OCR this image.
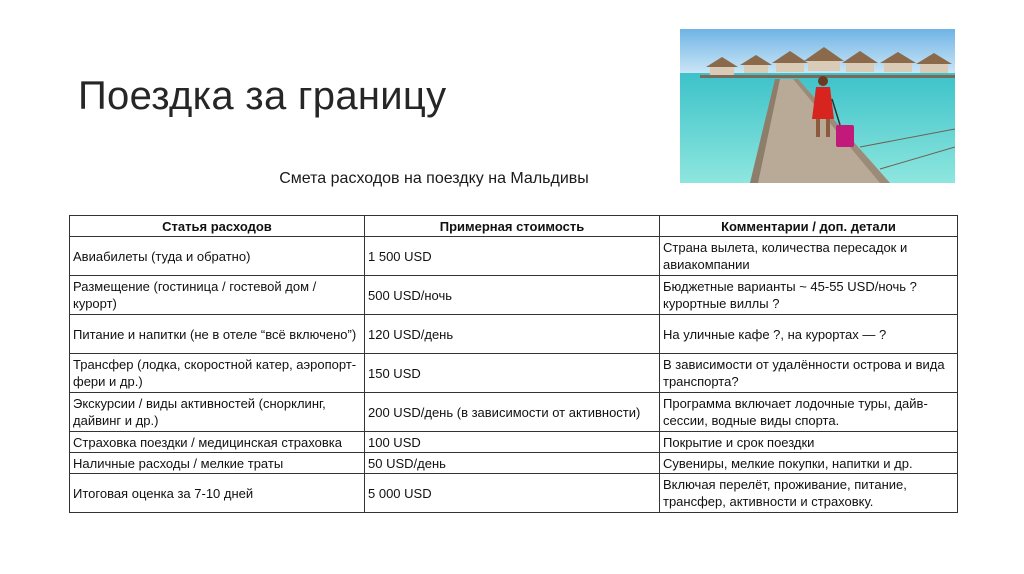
Поездка за границу
Смета расходов на поездку на Мальдивы
Статья расходов	Примерная стоимость	Комментарии / доп. детали
Авиабилеты (туда и обратно)	1 500 USD	Страна вылета, количества пересадок и авиакомпании
Размещение (гостиница / гостевой дом / курорт)	500 USD/ночь	Бюджетные варианты ~ 45-55 USD/ночь ? курортные виллы ?
Питание и напитки (не в отеле “всё включено”)	120 USD/день	На уличные кафе ?, на курортах — ?
Трансфер (лодка, скоростной катер, аэропорт-фери и др.)	150 USD	В зависимости от удалённости острова и вида транспорта?
Экскурсии / виды активностей (снорклинг, дайвинг и др.)	200 USD/день (в зависимости от активности)	Программа включает лодочные туры, дайв-сессии, водные виды спорта.
Страховка поездки / медицинская страховка	100 USD	Покрытие и срок поездки
Наличные расходы / мелкие траты	50 USD/день	Сувениры, мелкие покупки, напитки и др.
Итоговая оценка за 7-10 дней	5 000 USD	Включая перелёт, проживание, питание, трансфер, активности и страховку.
